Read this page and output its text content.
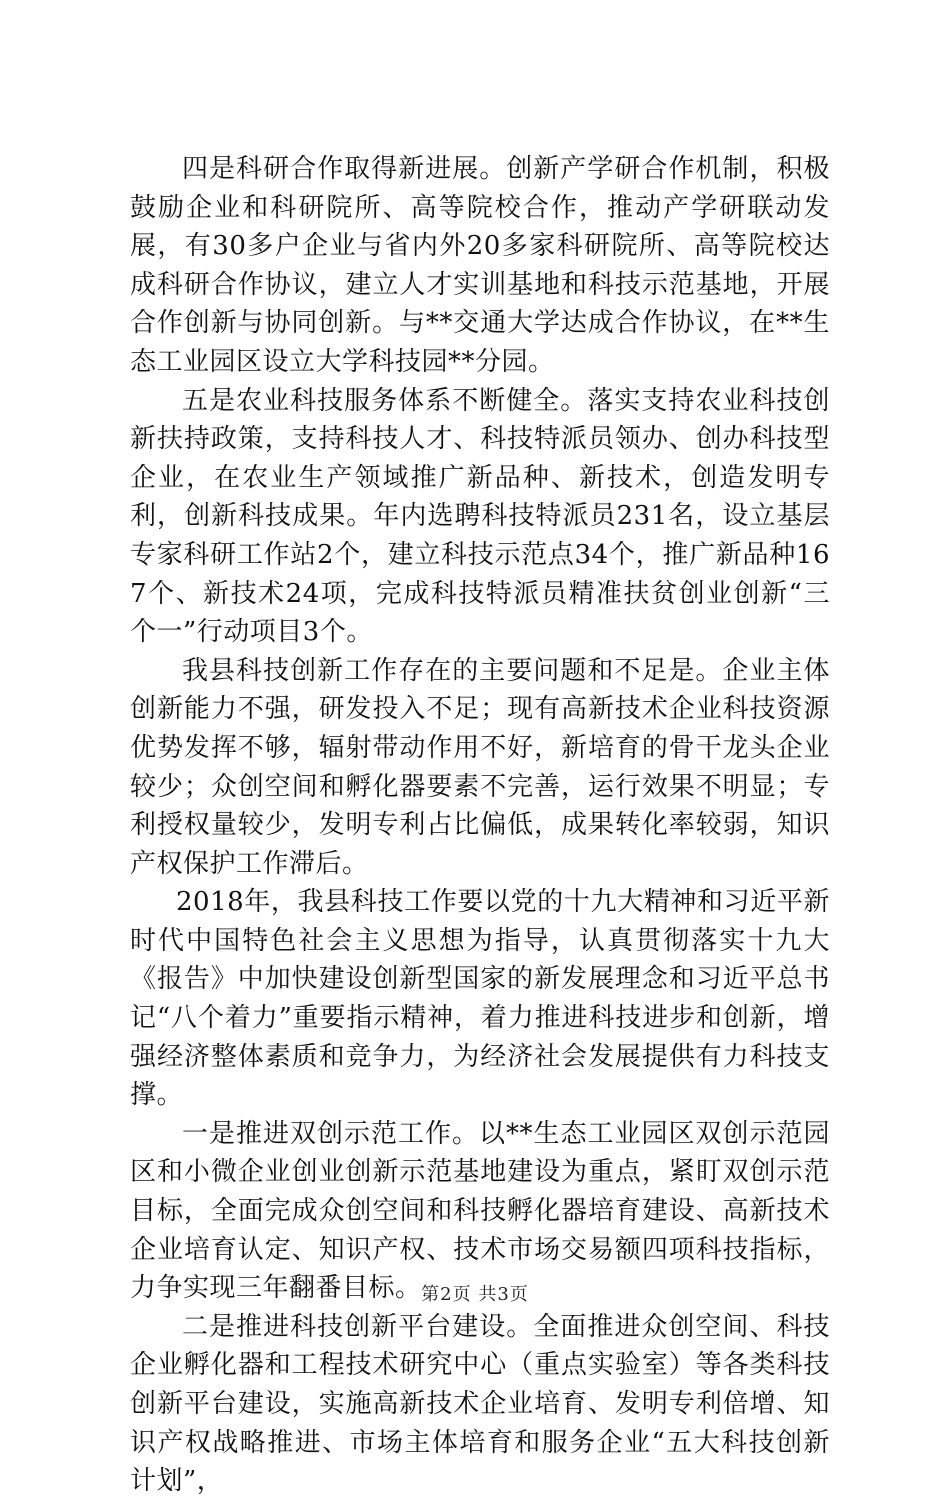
四是科研合作取得新进展。创新产学研合作机制，积极鼓励企业和科研院所、高等院校合作，推动产学研联动发展，有30多户企业与省内外20多家科研院所、高等院校达成科研合作协议，建立人才实训基地和科技示范基地，开展合作创新与协同创新。与**交通大学达成合作协议，在**生态工业园区设立大学科技园**分园。

五是农业科技服务体系不断健全。落实支持农业科技创新扶持政策，支持科技人才、科技特派员领办、创办科技型企业，在农业生产领域推广新品种、新技术，创造发明专利，创新科技成果。年内选聘科技特派员231名，设立基层专家科研工作站2个，建立科技示范点34个，推广新品种167个、新技术24项，完成科技特派员精准扶贫创业创新“三个一”行动项目3个。

我县科技创新工作存在的主要问题和不足是。企业主体创新能力不强，研发投入不足；现有高新技术企业科技资源优势发挥不够，辐射带动作用不好，新培育的骨干龙头企业较少；众创空间和孵化器要素不完善，运行效果不明显；专利授权量较少，发明专利占比偏低，成果转化率较弱，知识产权保护工作滞后。

2018年，我县科技工作要以党的十九大精神和习近平新时代中国特色社会主义思想为指导，认真贯彻落实十九大《报告》中加快建设创新型国家的新发展理念和习近平总书记“八个着力”重要指示精神，着力推进科技进步和创新，增强经济整体素质和竞争力，为经济社会发展提供有力科技支撑。

一是推进双创示范工作。以**生态工业园区双创示范园区和小微企业创业创新示范基地建设为重点，紧盯双创示范目标，全面完成众创空间和科技孵化器培育建设、高新技术企业培育认定、知识产权、技术市场交易额四项科技指标，力争实现三年翻番目标。

二是推进科技创新平台建设。全面推进众创空间、科技企业孵化器和工程技术研究中心（重点实验室）等各类科技创新平台建设，实施高新技术企业培育、发明专利倍增、知识产权战略推进、市场主体培育和服务企业“五大科技创新计划”，

第2页 共3页
